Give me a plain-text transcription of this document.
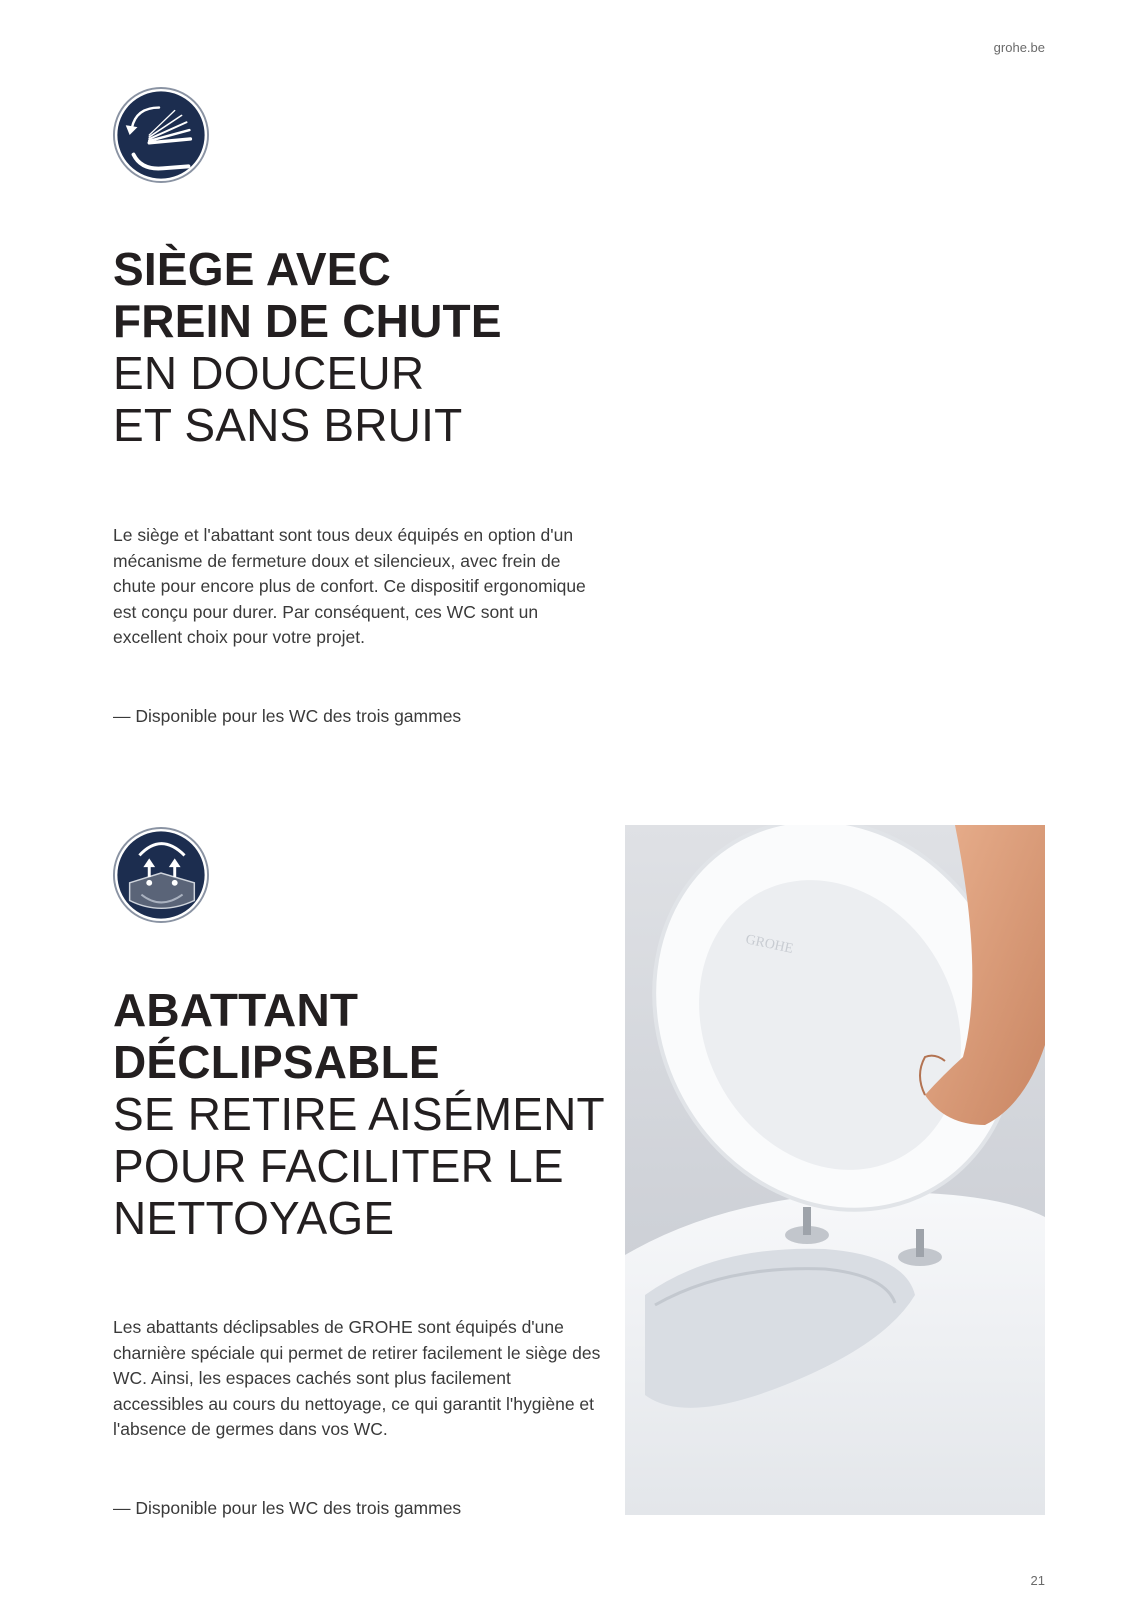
grohe.be
SIÈGE AVEC
FREIN DE CHUTE
EN DOUCEUR
ET SANS BRUIT

Le siège et l'abattant sont tous deux équipés en option d'un mécanisme de fermeture doux et silencieux, avec frein de chute pour encore plus de confort. Ce dispositif ergonomique est conçu pour durer. Par conséquent, ces WC sont un excellent choix pour votre projet.

— Disponible pour les WC des trois gammes

ABATTANT
DÉCLIPSABLE
SE RETIRE AISÉMENT
POUR FACILITER LE
NETTOYAGE

Les abattants déclipsables de GROHE sont équipés d'une charnière spéciale qui permet de retirer facilement le siège des WC. Ainsi, les espaces cachés sont plus facilement accessibles au cours du nettoyage, ce qui garantit l'hygiène et l'absence de germes dans vos WC.

— Disponible pour les WC des trois gammes

GROHE
21
